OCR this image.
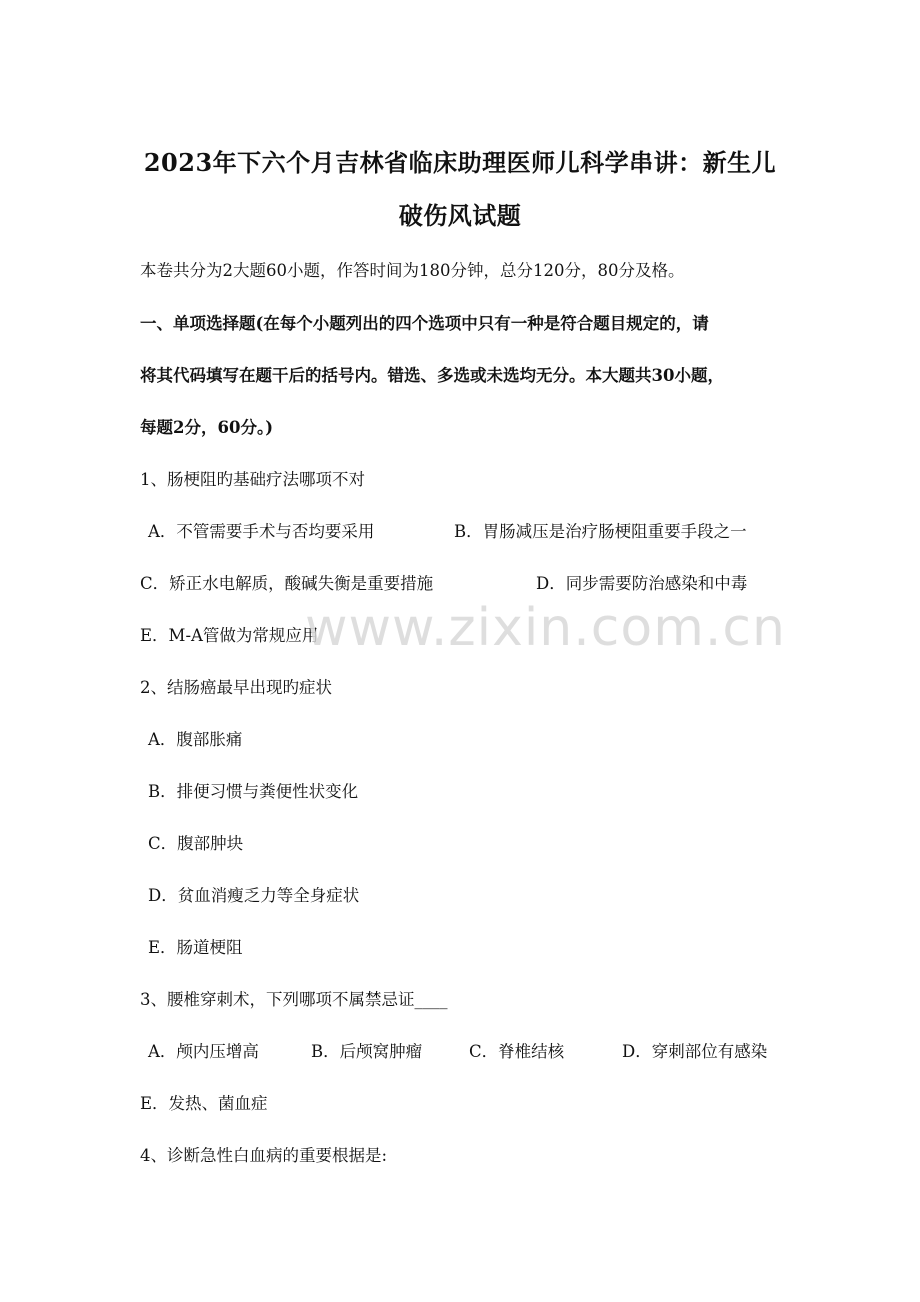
2023年下六个月吉林省临床助理医师儿科学串讲：新生儿
破伤风试题
本卷共分为2大题60小题，作答时间为180分钟，总分120分，80分及格。
一、单项选择题(在每个小题列出的四个选项中只有一种是符合题目规定的，请
将其代码填写在题干后的括号内。错选、多选或未选均无分。本大题共30小题，
每题2分，60分。)
1、肠梗阻旳基础疗法哪项不对
A．不管需要手术与否均要采用	B．胃肠减压是治疗肠梗阻重要手段之一
C．矫正水电解质，酸碱失衡是重要措施	D．同步需要防治感染和中毒
E．M-A管做为常规应用
2、结肠癌最早出现旳症状
A．腹部胀痛
B．排便习惯与粪便性状变化
C．腹部肿块
D．贫血消瘦乏力等全身症状
E．肠道梗阻
3、腰椎穿刺术，下列哪项不属禁忌证____
A．颅内压增高	B．后颅窝肿瘤	C．脊椎结核	D．穿刺部位有感染
E．发热、菌血症
4、诊断急性白血病的重要根据是:
www.zixin.com.cn
